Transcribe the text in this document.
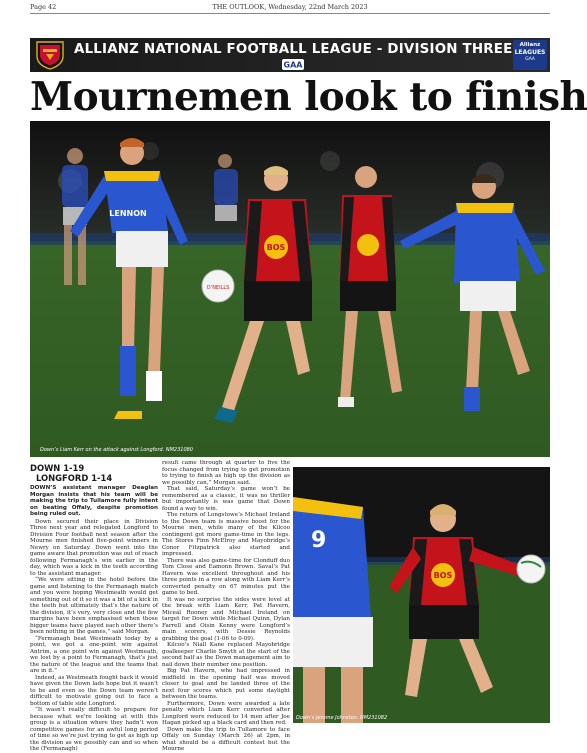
Page 42	THE OUTLOOK, Wednesday, 22nd March 2023
ALLIANZ NATIONAL FOOTBALL LEAGUE - DIVISION THREE
GAA
Allianz
LEAGUES
GAA
Mournemen look to finish
LENNON
O’NEILLS
BOS
Down’s Liam Kerr on the attack against Longford. NM231080
DOWN 1-19
LONGFORD 1-14

DOWN’S assistant manager Deaglan Morgan insists that his team will be making the trip to Tullamore fully intent on beating Offaly, despite promotion being ruled out.

Down secured their place in Division Three next year and relegated Longford to Division Four football next season after the Mourne men finished five-point winners in Newry on Saturday. Down went into the game aware that promotion was out of reach following Fermanagh’s win earlier in the day, which was a kick in the teeth according to the assistant manager.

“We were sitting in the hotel before the game and listening to the Fermanagh match and you were hoping Westmeath would get something out of it so it was a bit of a kick in the teeth but ultimately that’s the nature of the division, it’s very, very close and the few margins have been emphasised when those bigger teams have played each other there’s been nothing in the games,” said Morgan.

“Fermanagh beat Westmeath today by a point, we got a one-point win against Antrim, a one point win against Westmeath, we lost by a point to Fermanagh, that’s just the nature of the league and the teams that are in it.”

Indeed, as Westmeath fought back it would have given the Down lads hope but it wasn’t to be and even so the Down team weren’t difficult to motivate going out to face a bottom of table side Longford.

“It wasn’t really difficult to prepare for because what we’re looking at with this group is a situation where they hadn’t won competitive games for an awful long period of time so we’re just trying to get as high up the division as we possibly can and so when the (Fermanagh)

result came through at quarter to five the focus changed from trying to get promotion to trying to finish as high up the division as we possibly can,” Morgan said.

That said, Saturday’s game won’t be remembered as a classic, it was no thriller but importantly is was game that Down found a way to win.

The return of Longstowe’s Michael Ireland to the Down team is massive boost for the Mourne men, while many of the Kilcoo contingent got more game-time in the legs. The Stores Finn McElroy and Mayobridge’s Conor Fitzpatrick also started and impressed.

There was also game-time for Clonduff duo Tom Close and Eamonn Brown. Saval’s Pat Havern was excellent throughout and his three points in a row along with Liam Kerr’s converted penalty on 67 minutes put the game to bed.

It was no surprise the sides were level at the break with Liam Kerr, Pat Havern, Miceál Rooney and Michael Ireland on target for Down while Michael Quinn, Dylan Farrell and Oisin Kenny were Longford’s main scorers, with Dessie Reynolds grabbing the goal (1-06 to 0-09).

Kilcoo’s Niall Kane replaced Mayobridge goalkeeper Charlie Smyth at the start of the second half as the Down management aim to nail down their number one position.

Big Pat Havern, who had impressed in midfield in the opening half was moved closer to goal and he landed three of the next four scores which put some daylight between the teams.

Furthermore, Down were awarded a late penalty which Liam Kerr converted after Longford were reduced to 14 men after Joe Hagan picked up a black card and then red.

Down make the trip to Tullamore to face Offaly on Sunday (March 26) at 2pm, in what should be a difficult contest but the Mourne

9
BOS
Down’s Jerome Johnston. NM231082
